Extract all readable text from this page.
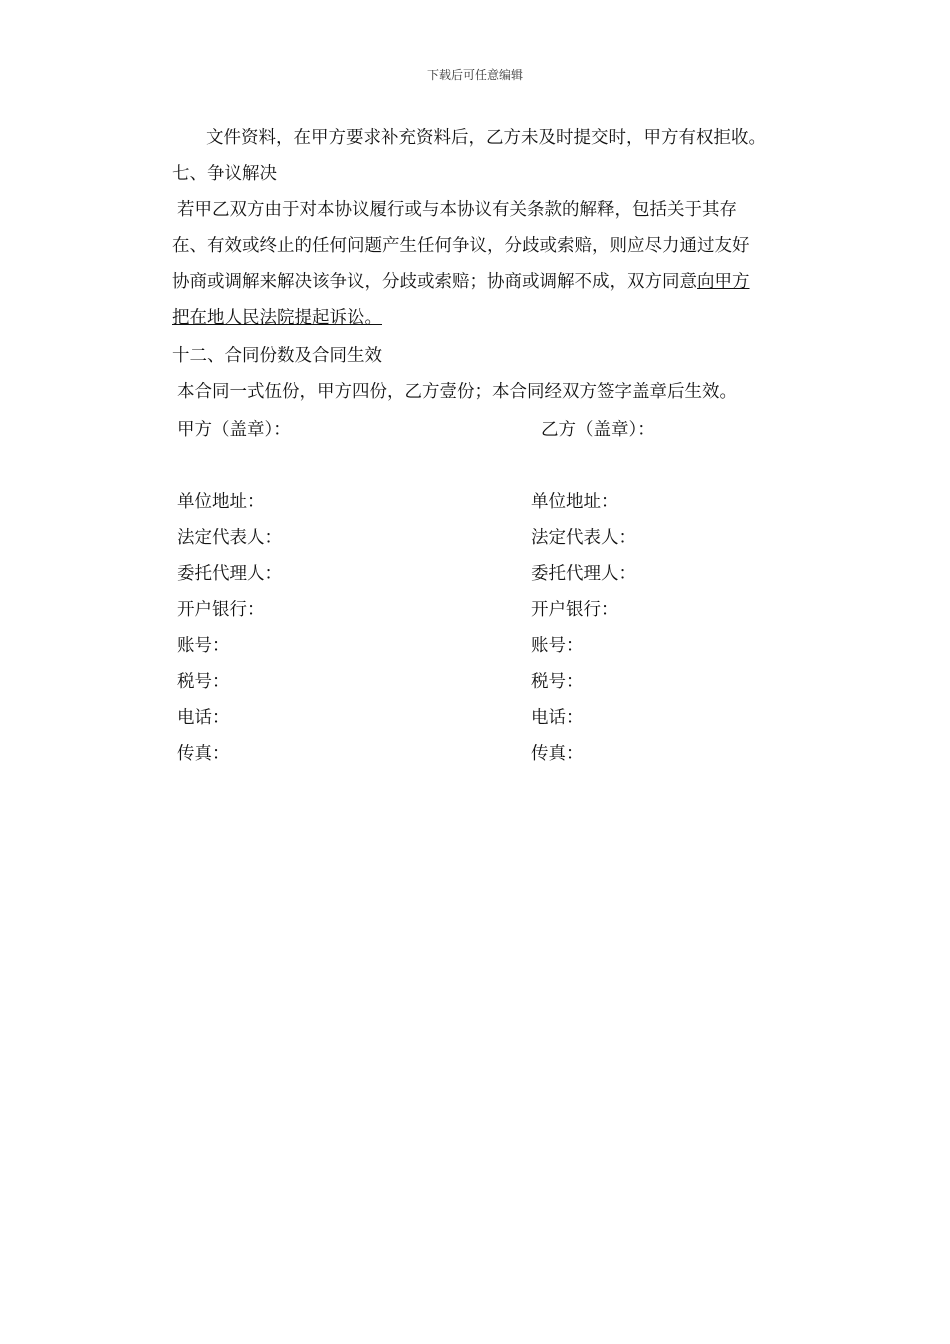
下载后可任意编辑
文件资料，在甲方要求补充资料后，乙方未及时提交时，甲方有权拒收。
七、争议解决
若甲乙双方由于对本协议履行或与本协议有关条款的解释，包括关于其存
在、有效或终止的任何问题产生任何争议，分歧或索赔，则应尽力通过友好
协商或调解来解决该争议，分歧或索赔；协商或调解不成，双方同意向甲方
把在地人民法院提起诉讼。
十二、合同份数及合同生效
本合同一式伍份，甲方四份，乙方壹份；本合同经双方签字盖章后生效。
甲方（盖章）：	乙方（盖章）：
单位地址：	单位地址：
法定代表人：	法定代表人：
委托代理人：	委托代理人：
开户银行：	开户银行：
账号：	账号：
税号：	税号：
电话：	电话：
传真：	传真：
